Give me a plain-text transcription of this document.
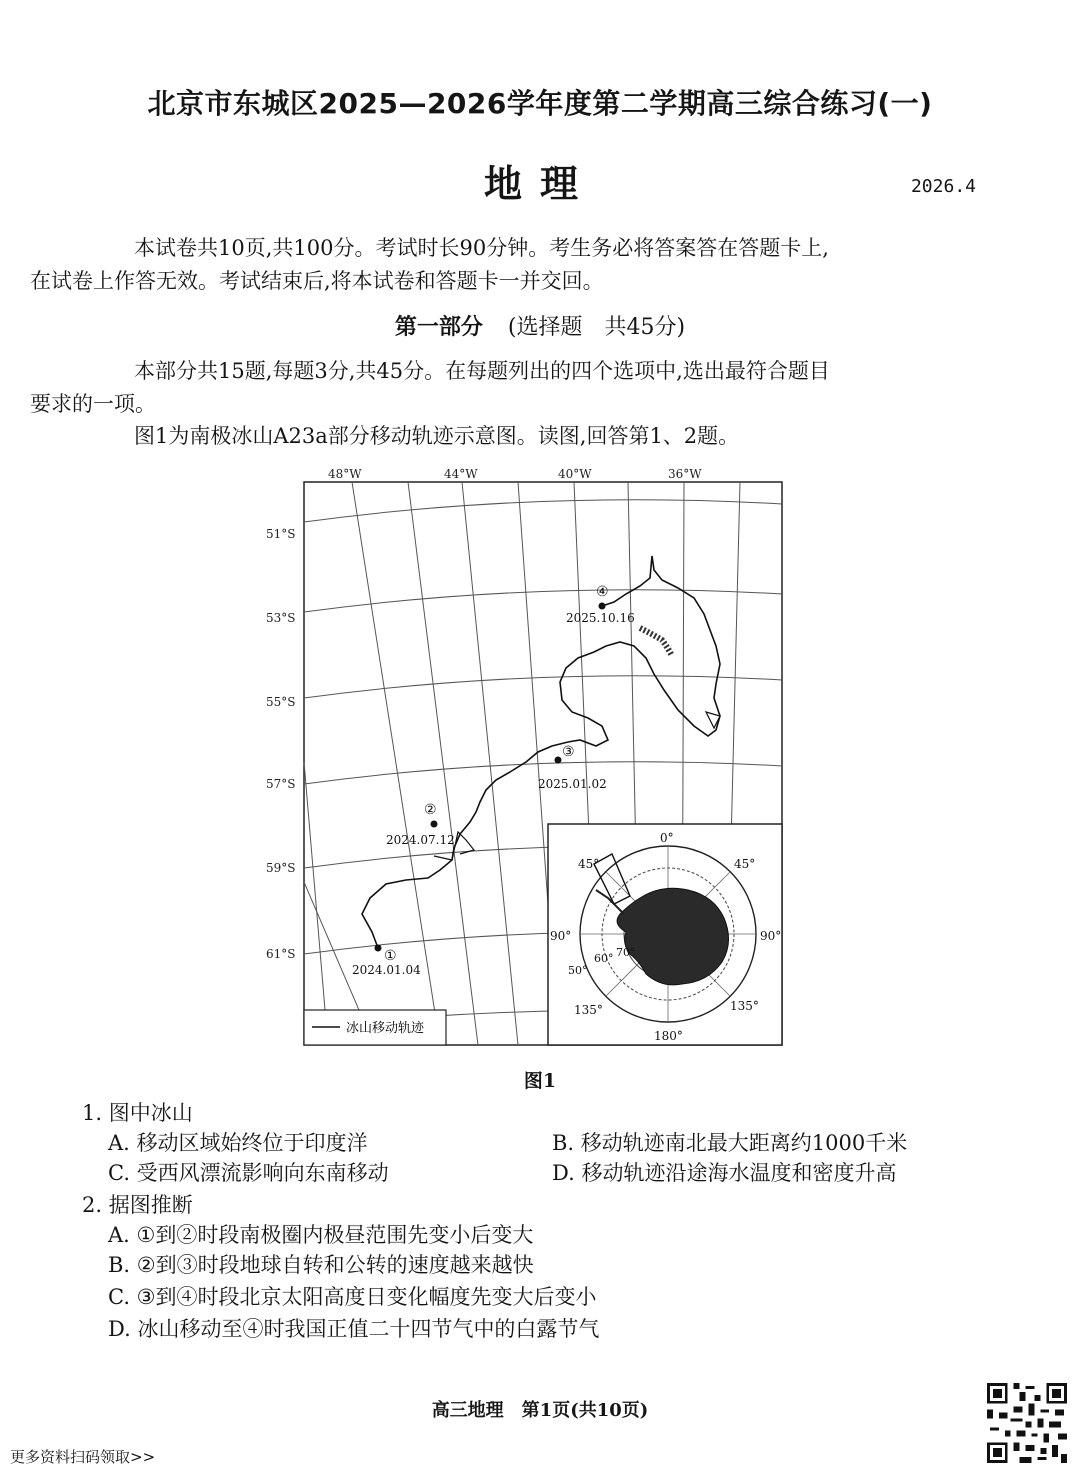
北京市东城区2025—2026学年度第二学期高三综合练习(一)
地理	2026.4
本试卷共10页,共100分。考试时长90分钟。考生务必将答案答在答题卡上,
在试卷上作答无效。考试结束后,将本试卷和答题卡一并交回。
第一部分 (选择题　共45分)
本部分共15题,每题3分,共45分。在每题列出的四个选项中,选出最符合题目
要求的一项。
图1为南极冰山A23a部分移动轨迹示意图。读图,回答第1、2题。
48°W	44°W	40°W	36°W
51°S
53°S
55°S
57°S
59°S
61°S	①
2024.01.04
②
2024.07.12
③
2025.01.02
④
2025.10.16
冰山移动轨迹
0°
90°	90°
180°
45°	45°
135°	135°
50°
60° 70°
图1
1. 图中冰山
A. 移动区域始终位于印度洋	B. 移动轨迹南北最大距离约1000千米
C. 受西风漂流影响向东南移动	D. 移动轨迹沿途海水温度和密度升高
2. 据图推断
A. ①到②时段南极圈内极昼范围先变小后变大
B. ②到③时段地球自转和公转的速度越来越快
C. ③到④时段北京太阳高度日变化幅度先变大后变小
D. 冰山移动至④时我国正值二十四节气中的白露节气
高三地理　第1页(共10页)
更多资料扫码领取>>
